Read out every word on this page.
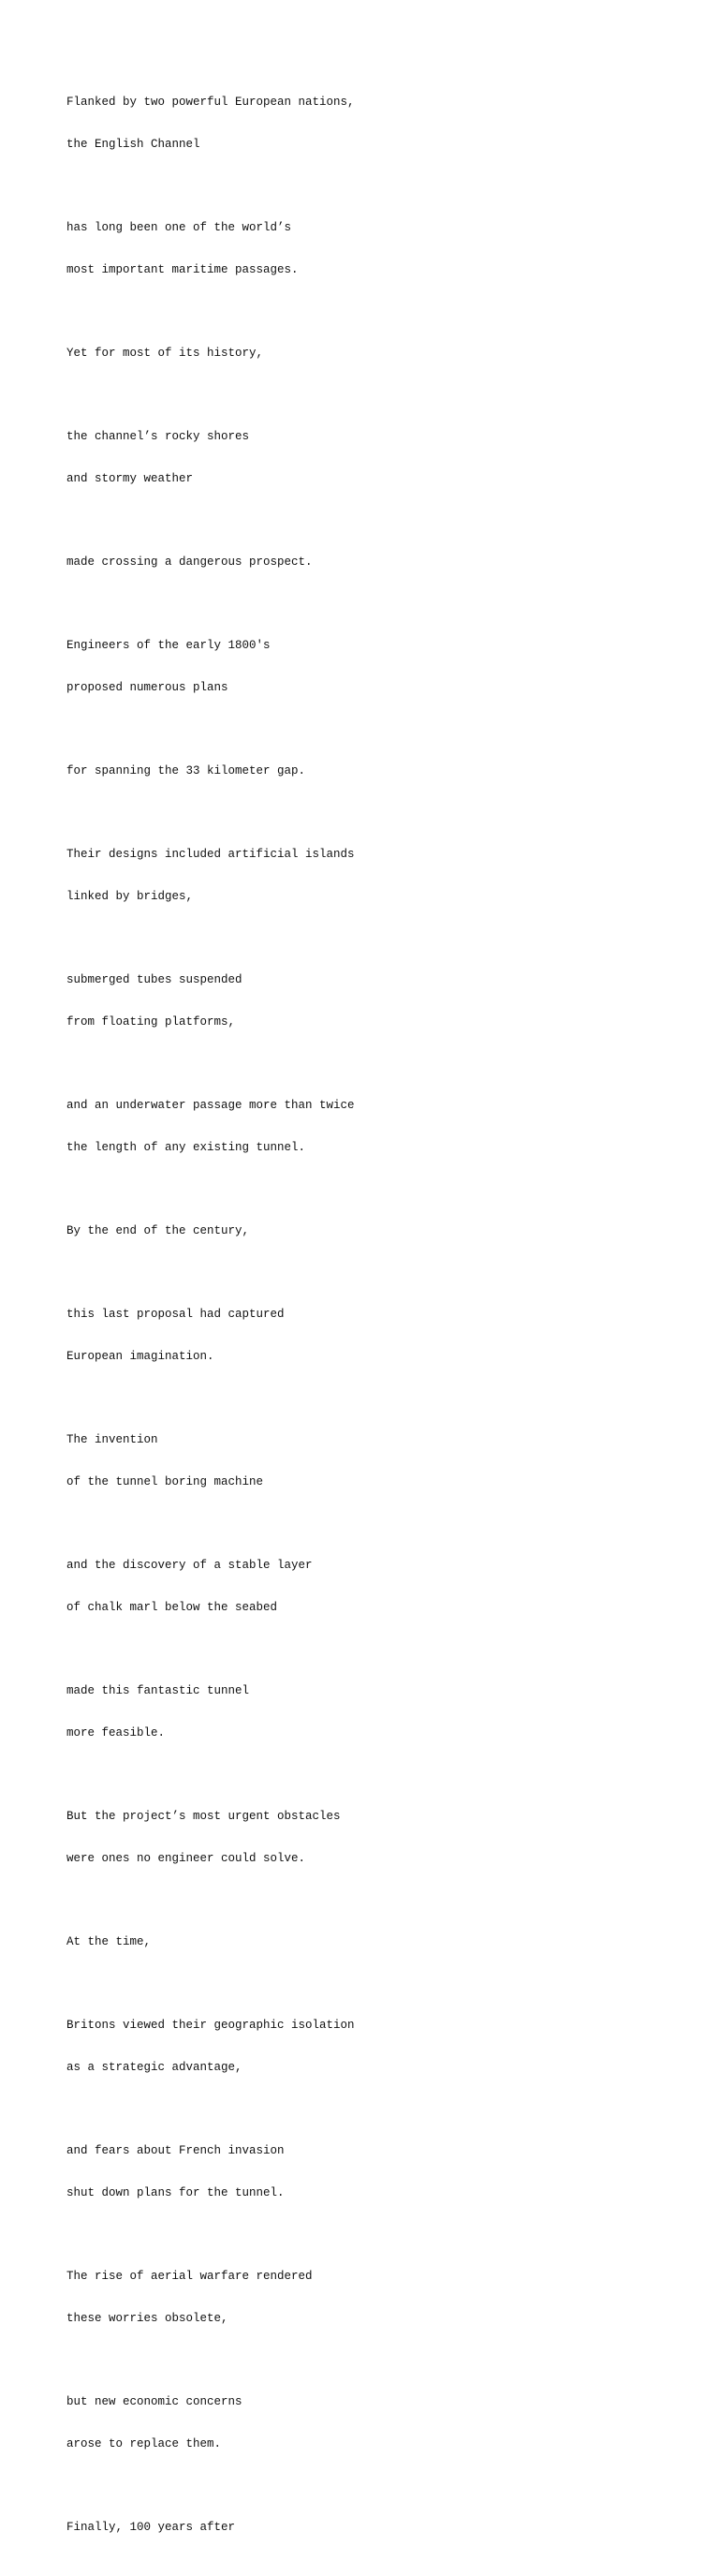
Flanked by two powerful European nations,

the English Channel

has long been one of the world’s

most important maritime passages.

Yet for most of its history,

the channel’s rocky shores

and stormy weather

made crossing a dangerous prospect.

Engineers of the early 1800's

proposed numerous plans

for spanning the 33 kilometer gap.

Their designs included artificial islands

linked by bridges,

submerged tubes suspended

from floating platforms,

and an underwater passage more than twice

the length of any existing tunnel.

By the end of the century,

this last proposal had captured

European imagination.

The invention

of the tunnel boring machine

and the discovery of a stable layer

of chalk marl below the seabed

made this fantastic tunnel

more feasible.

But the project’s most urgent obstacles

were ones no engineer could solve.

At the time,

Britons viewed their geographic isolation

as a strategic advantage,

and fears about French invasion

shut down plans for the tunnel.

The rise of aerial warfare rendered

these worries obsolete,

but new economic concerns

arose to replace them.

Finally, 100 years after
